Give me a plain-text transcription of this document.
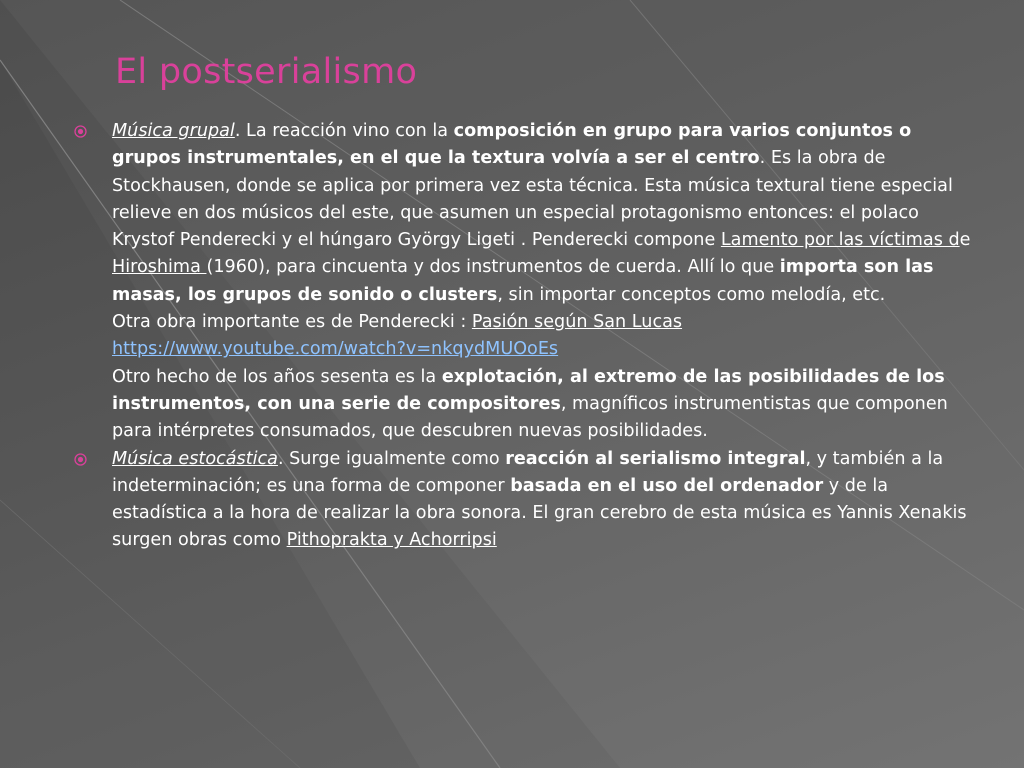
El postserialismo
Música grupal. La reacción vino con la composición en grupo para varios conjuntos o grupos instrumentales, en el que la textura volvía a ser el centro. Es la obra de Stockhausen, donde se aplica por primera vez esta técnica. Esta música textural tiene especial relieve en dos músicos del este, que asumen un especial protagonismo entonces: el polaco Krystof Penderecki y el húngaro György Ligeti . Penderecki compone Lamento por las víctimas de Hiroshima (1960), para cincuenta y dos instrumentos de cuerda. Allí lo que importa son las masas, los grupos de sonido o clusters, sin importar conceptos como melodía, etc.
Otra obra importante es de Penderecki : Pasión según San Lucas
https://www.youtube.com/watch?v=nkqydMUOoEs
Otro hecho de los años sesenta es la explotación, al extremo de las posibilidades de los instrumentos, con una serie de compositores, magníficos instrumentistas que componen para intérpretes consumados, que descubren nuevas posibilidades.
Música estocástica. Surge igualmente como reacción al serialismo integral, y también a la indeterminación; es una forma de componer basada en el uso del ordenador y de la estadística a la hora de realizar la obra sonora. El gran cerebro de esta música es Yannis Xenakis surgen obras como Pithoprakta y Achorripsi
